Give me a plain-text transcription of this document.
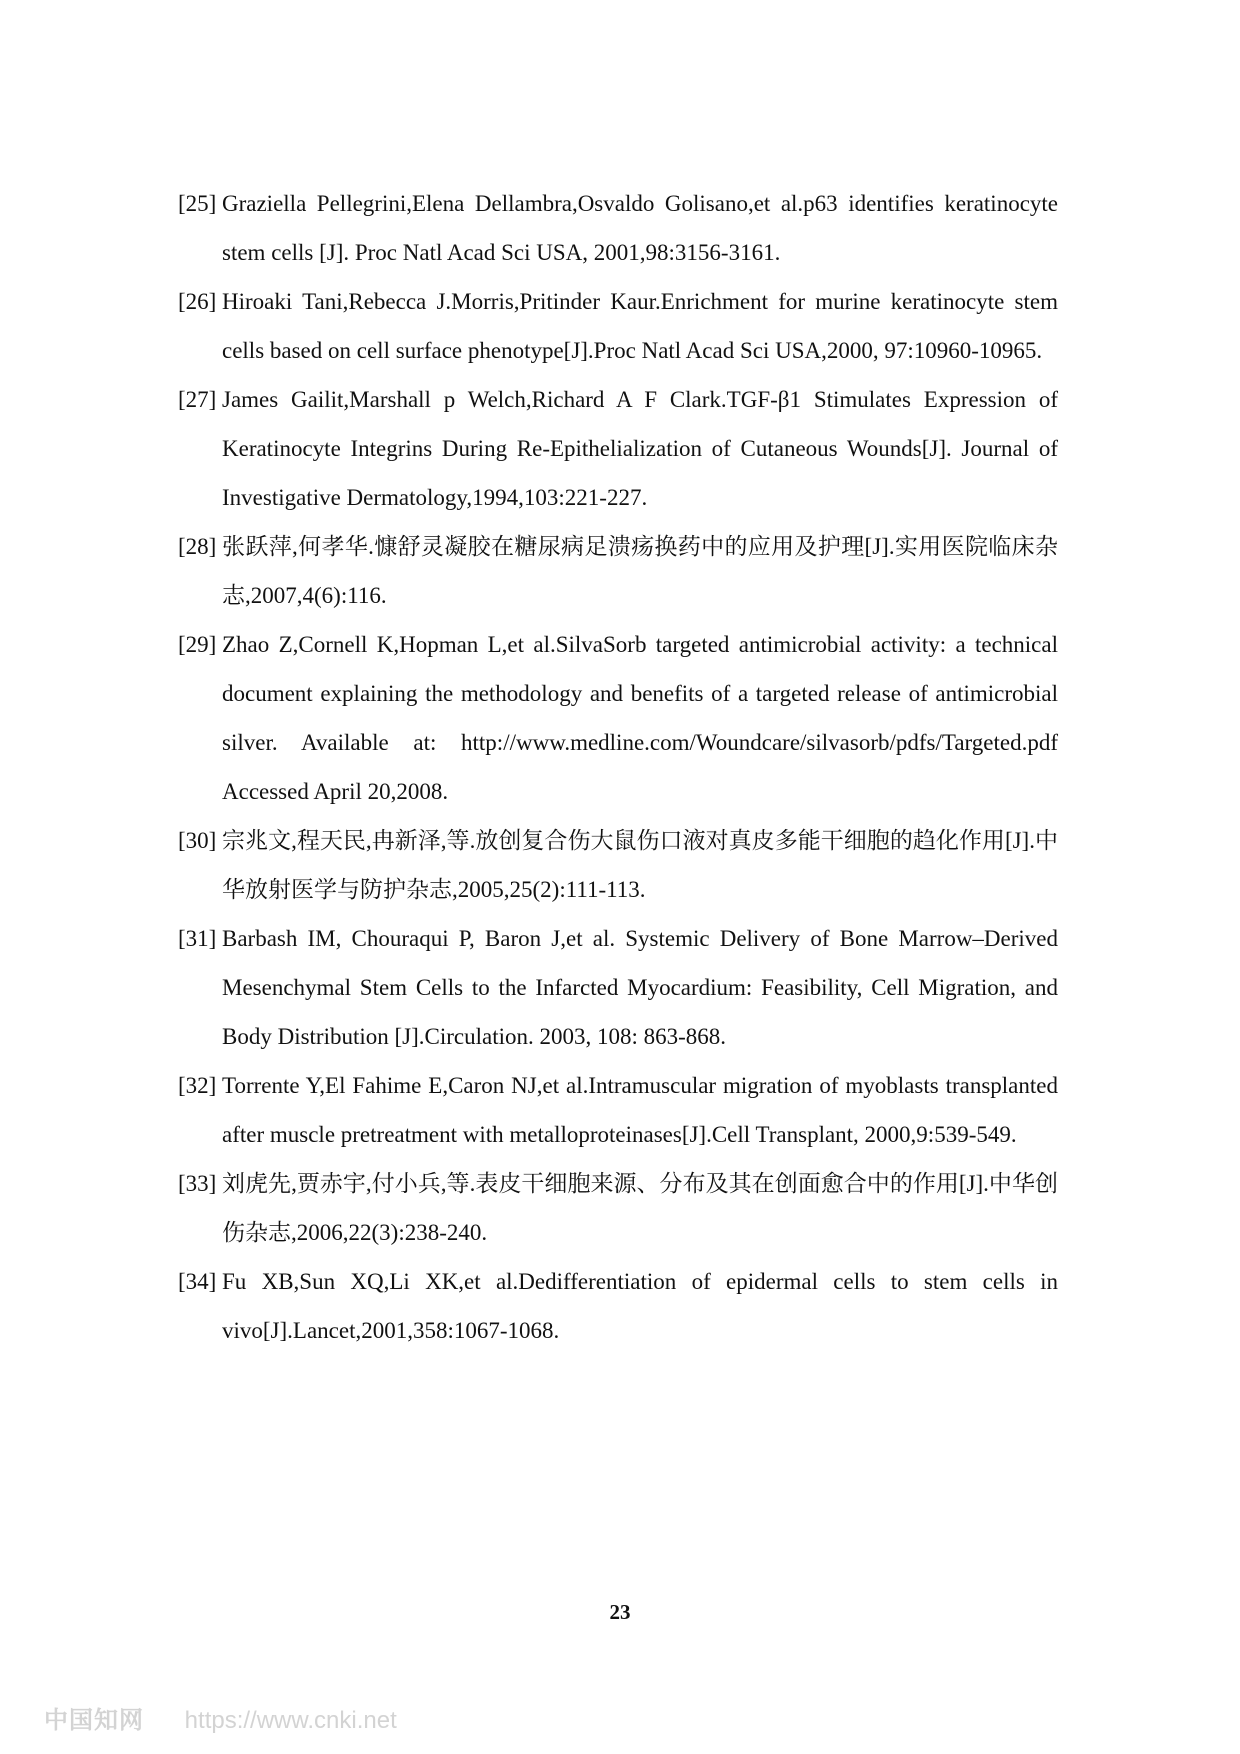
[25] Graziella Pellegrini,Elena Dellambra,Osvaldo Golisano,et al.p63 identifies keratinocyte stem cells [J]. Proc Natl Acad Sci USA, 2001,98:3156-3161.
[26] Hiroaki Tani,Rebecca J.Morris,Pritinder Kaur.Enrichment for murine keratinocyte stem cells based on cell surface phenotype[J].Proc Natl Acad Sci USA,2000, 97:10960-10965.
[27] James Gailit,Marshall p Welch,Richard A F Clark.TGF-β1 Stimulates Expression of Keratinocyte Integrins During Re-Epithelialization of Cutaneous Wounds[J]. Journal of Investigative Dermatology,1994,103:221-227.
[28] 张跃萍,何孝华.慷舒灵凝胶在糖尿病足溃疡换药中的应用及护理[J].实用医院临床杂志,2007,4(6):116.
[29] Zhao Z,Cornell K,Hopman L,et al.SilvaSorb targeted antimicrobial activity: a technical document explaining the methodology and benefits of a targeted release of antimicrobial silver. Available at: http://www.medline.com/Woundcare/silvasorb/pdfs/Targeted.pdf Accessed April 20,2008.
[30] 宗兆文,程天民,冉新泽,等.放创复合伤大鼠伤口液对真皮多能干细胞的趋化作用[J].中华放射医学与防护杂志,2005,25(2):111-113.
[31] Barbash IM, Chouraqui P, Baron J,et al. Systemic Delivery of Bone Marrow–Derived Mesenchymal Stem Cells to the Infarcted Myocardium: Feasibility, Cell Migration, and Body Distribution [J].Circulation. 2003, 108: 863-868.
[32] Torrente Y,El Fahime E,Caron NJ,et al.Intramuscular migration of myoblasts transplanted after muscle pretreatment with metalloproteinases[J].Cell Transplant, 2000,9:539-549.
[33] 刘虎先,贾赤宇,付小兵,等.表皮干细胞来源、分布及其在创面愈合中的作用[J].中华创伤杂志,2006,22(3):238-240.
[34] Fu XB,Sun XQ,Li XK,et al.Dedifferentiation of epidermal cells to stem cells in vivo[J].Lancet,2001,358:1067-1068.
23
中国知网 https://www.cnki.net
